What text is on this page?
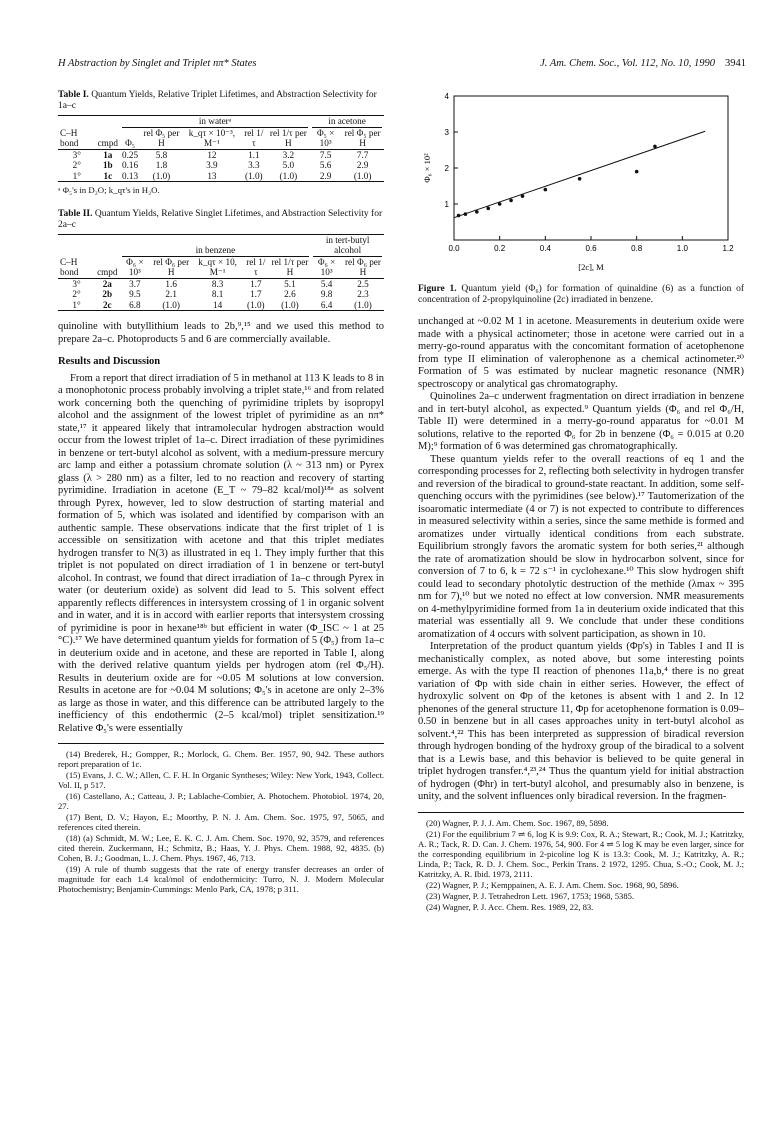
H Abstraction by Singlet and Triplet nπ* States	J. Am. Chem. Soc., Vol. 112, No. 10, 1990 3941
Table I. Quantum Yields, Relative Triplet Lifetimes, and Abstraction Selectivity for 1a–c

		in waterᵃ					in acetone	

C–H bond	cmpd	Φ₅	rel Φ₅ per H	k_qτ × 10⁻³, M⁻¹	rel 1/τ	rel 1/τ per H	Φ₅ × 10³	rel Φ₅ per H
3°	1a	0.25	5.8	12	1.1	3.2	7.5	7.7
2°	1b	0.16	1.8	3.9	3.3	5.0	5.6	2.9
1°	1c	0.13	(1.0)	13	(1.0)	(1.0)	2.9	(1.0)
ᵃ Φ₅'s in D₂O; k_qτ's in H₂O.
Table II. Quantum Yields, Relative Singlet Lifetimes, and Abstraction Selectivity for 2a–c

		in benzene					in tert-butyl alcohol	

C–H bond	cmpd	Φ₆ × 10³	rel Φ₆ per H	k_qτ × 10, M⁻¹	rel 1/τ	rel 1/τ per H	Φ₆ × 10³	rel Φ₆ per H
3°	2a	3.7	1.6	8.3	1.7	5.1	5.4	2.5
2°	2b	9.5	2.1	8.1	1.7	2.6	9.8	2.3
1°	2c	6.8	(1.0)	14	(1.0)	(1.0)	6.4	(1.0)

quinoline with butyllithium leads to 2b,⁹,¹⁵ and we used this method to prepare 2a–c. Photoproducts 5 and 6 are commercially available.

Results and Discussion

From a report that direct irradiation of 5 in methanol at 113 K leads to 8 in a monophotonic process probably involving a triplet state,¹⁶ and from related work concerning both the quenching of pyrimidine triplets by isopropyl alcohol and the assignment of the lowest triplet of pyrimidine as an nπ* state,¹⁷ it appeared likely that intramolecular hydrogen abstraction would occur from the lowest triplet of 1a–c. Direct irradiation of these pyrimidines in benzene or tert-butyl alcohol as solvent, with a medium-pressure mercury arc lamp and either a potassium chromate solution (λ ~ 313 nm) or Pyrex glass (λ > 280 nm) as a filter, led to no reaction and recovery of starting pyrimidine. Irradiation in acetone (E_T ~ 79–82 kcal/mol)¹⁸ᵃ as solvent through Pyrex, however, led to slow destruction of starting material and formation of 5, which was isolated and identified by comparison with an authentic sample. These observations indicate that the first triplet of 1 is accessible on sensitization with acetone and that this triplet mediates hydrogen transfer to N(3) as illustrated in eq 1. They imply further that this triplet is not populated on direct irradiation of 1 in benzene or tert-butyl alcohol. In contrast, we found that direct irradiation of 1a–c through Pyrex in water (or deuterium oxide) as solvent did lead to 5. This solvent effect apparently reflects differences in intersystem crossing of 1 in organic solvent and in water, and it is in accord with earlier reports that intersystem crossing of pyrimidine is poor in hexane¹⁸ᵇ but efficient in water (Φ_ISC ~ 1 at 25 °C).¹⁷ We have determined quantum yields for formation of 5 (Φ₅) from 1a–c in deuterium oxide and in acetone, and these are reported in Table I, along with the derived relative quantum yields per hydrogen atom (rel Φ₅/H). Results in deuterium oxide are for ~0.05 M solutions at low conversion. Results in acetone are for ~0.04 M solutions; Φ₅'s in acetone are only 2–3% as large as those in water, and this difference can be attributed largely to the inefficiency of this endothermic (2–5 kcal/mol) triplet sensitization.¹⁹ Relative Φ₅'s were essentially

(14) Brederek, H.; Gompper, R.; Morlock, G. Chem. Ber. 1957, 90, 942. These authors report preparation of 1c.
(15) Evans, J. C. W.; Allen, C. F. H. In Organic Syntheses; Wiley: New York, 1943, Collect. Vol. II, p 517.
(16) Castellano, A.; Catteau, J. P.; Lablache-Combier, A. Photochem. Photobiol. 1974, 20, 27.
(17) Bent, D. V.; Hayon, E.; Moorthy, P. N. J. Am. Chem. Soc. 1975, 97, 5065, and references cited therein.
(18) (a) Schmidt, M. W.; Lee, E. K. C. J. Am. Chem. Soc. 1970, 92, 3579, and references cited therein. Zuckermann, H.; Schmitz, B.; Haas, Y. J. Phys. Chem. 1988, 92, 4835. (b) Cohen, B. J.; Goodman, L. J. Chem. Phys. 1967, 46, 713.
(19) A rule of thumb suggests that the rate of energy transfer decreases an order of magnitude for each 1.4 kcal/mol of endothermicity: Turro, N. J. Modern Molecular Photochemistry; Benjamin-Cummings: Menlo Park, CA, 1978; p 311.
0.0	0.2	0.4	0.6	0.8	1.0	1.2
1
2
3
4
[2c], M
Φ₆ × 10²
Figure 1. Quantum yield (Φ₆) for formation of quinaldine (6) as a function of concentration of 2-propylquinoline (2c) irradiated in benzene.

unchanged at ~0.02 M 1 in acetone. Measurements in deuterium oxide were made with a physical actinometer; those in acetone were carried out in a merry-go-round apparatus with the concomitant formation of acetophenone from type II elimination of valerophenone as a chemical actinometer.²⁰ Formation of 5 was estimated by nuclear magnetic resonance (NMR) spectroscopy or analytical gas chromatography.

Quinolines 2a–c underwent fragmentation on direct irradiation in benzene and in tert-butyl alcohol, as expected.⁹ Quantum yields (Φ₆ and rel Φ₆/H, Table II) were determined in a merry-go-round apparatus for ~0.01 M solutions, relative to the reported Φ₆ for 2b in benzene (Φ₆ = 0.015 at 0.20 M);⁹ formation of 6 was determined gas chromatographically.

These quantum yields refer to the overall reactions of eq 1 and the corresponding processes for 2, reflecting both selectivity in hydrogen transfer and reversion of the biradical to ground-state reactant. In addition, some self-quenching occurs with the pyrimidines (see below).¹⁷ Tautomerization of the isoaromatic intermediate (4 or 7) is not expected to contribute to differences in measured selectivity within a series, since the same methide is formed and aromatizes under virtually identical conditions from each substrate. Equilibrium strongly favors the aromatic system for both series,²¹ although the rate of aromatization should be slow in hydrocarbon solvent, since for conversion of 7 to 6, k = 72 s⁻¹ in cyclohexane.¹⁰ This slow hydrogen shift could lead to secondary photolytic destruction of the methide (λmax ~ 395 nm for 7),¹⁰ but we noted no effect at low conversion. NMR measurements on 4-methylpyrimidine formed from 1a in deuterium oxide indicated that this material was essentially all 9. We conclude that under these conditions aromatization of 4 occurs with solvent participation, as shown in 10.

Interpretation of the product quantum yields (Φp's) in Tables I and II is mechanistically complex, as noted above, but some interesting points emerge. As with the type II reaction of phenones 11a,b,⁴ there is no great variation of Φp with side chain in either series. However, the effect of hydroxylic solvent on Φp of the ketones is absent with 1 and 2. In 12 phenones of the general structure 11, Φp for acetophenone formation is 0.09–0.50 in benzene but in all cases approaches unity in tert-butyl alcohol as solvent.⁴,²² This has been interpreted as suppression of biradical reversion through hydrogen bonding of the hydroxy group of the biradical to a solvent that is a Lewis base, and this behavior is believed to be quite general in triplet hydrogen transfer.⁴,²³,²⁴ Thus the quantum yield for initial abstraction of hydrogen (Φhr) in tert-butyl alcohol, and presumably also in benzene, is unity, and the solvent influences only biradical reversion. In the fragmen-

(20) Wagner, P. J. J. Am. Chem. Soc. 1967, 89, 5898.
(21) For the equilibrium 7 ⇌ 6, log K is 9.9: Cox, R. A.; Stewart, R.; Cook, M. J.; Katritzky, A. R.; Tack, R. D. Can. J. Chem. 1976, 54, 900. For 4 ⇌ 5 log K may be even larger, since for the corresponding equilibrium in 2-picoline log K is 13.3: Cook, M. J.; Katritzky, A. R.; Linda, P.; Tack, R. D. J. Chem. Soc., Perkin Trans. 2 1972, 1295. Chua, S.-O.; Cook, M. J.; Katritzky, A. R. Ibid. 1973, 2111.
(22) Wagner, P. J.; Kemppainen, A. E. J. Am. Chem. Soc. 1968, 90, 5896.
(23) Wagner, P. J. Tetrahedron Lett. 1967, 1753; 1968, 5385.
(24) Wagner, P. J. Acc. Chem. Res. 1989, 22, 83.
